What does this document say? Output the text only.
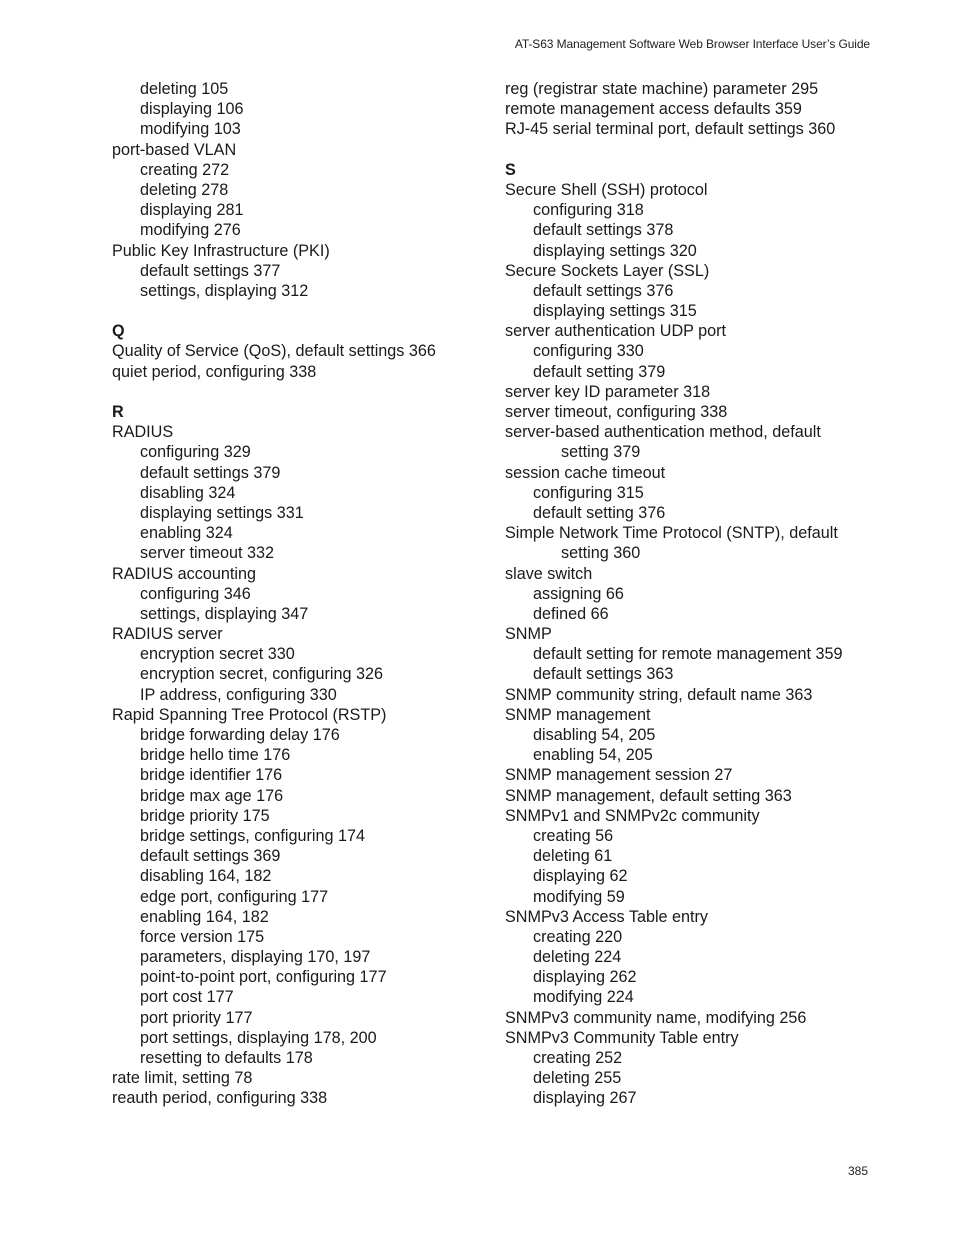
AT-S63 Management Software Web Browser Interface User’s Guide
deleting 105
displaying 106
modifying 103
port-based VLAN
creating 272
deleting 278
displaying 281
modifying 276
Public Key Infrastructure (PKI)
default settings 377
settings, displaying 312
Q
Quality of Service (QoS), default settings 366
quiet period, configuring 338
R
RADIUS
configuring 329
default settings 379
disabling 324
displaying settings 331
enabling 324
server timeout 332
RADIUS accounting
configuring 346
settings, displaying 347
RADIUS server
encryption secret 330
encryption secret, configuring 326
IP address, configuring 330
Rapid Spanning Tree Protocol (RSTP)
bridge forwarding delay 176
bridge hello time 176
bridge identifier 176
bridge max age 176
bridge priority 175
bridge settings, configuring 174
default settings 369
disabling 164, 182
edge port, configuring 177
enabling 164, 182
force version 175
parameters, displaying 170, 197
point-to-point port, configuring 177
port cost 177
port priority 177
port settings, displaying 178, 200
resetting to defaults 178
rate limit, setting 78
reauth period, configuring 338
reg (registrar state machine) parameter 295
remote management access defaults 359
RJ-45 serial terminal port, default settings 360
S
Secure Shell (SSH) protocol
configuring 318
default settings 378
displaying settings 320
Secure Sockets Layer (SSL)
default settings 376
displaying settings 315
server authentication UDP port
configuring 330
default setting 379
server key ID parameter 318
server timeout, configuring 338
server-based authentication method, default
setting 379
session cache timeout
configuring 315
default setting 376
Simple Network Time Protocol (SNTP), default
setting 360
slave switch
assigning 66
defined 66
SNMP
default setting for remote management 359
default settings 363
SNMP community string, default name 363
SNMP management
disabling 54, 205
enabling 54, 205
SNMP management session 27
SNMP management, default setting 363
SNMPv1 and SNMPv2c community
creating 56
deleting 61
displaying 62
modifying 59
SNMPv3 Access Table entry
creating 220
deleting 224
displaying 262
modifying 224
SNMPv3 community name, modifying 256
SNMPv3 Community Table entry
creating 252
deleting 255
displaying 267
385
